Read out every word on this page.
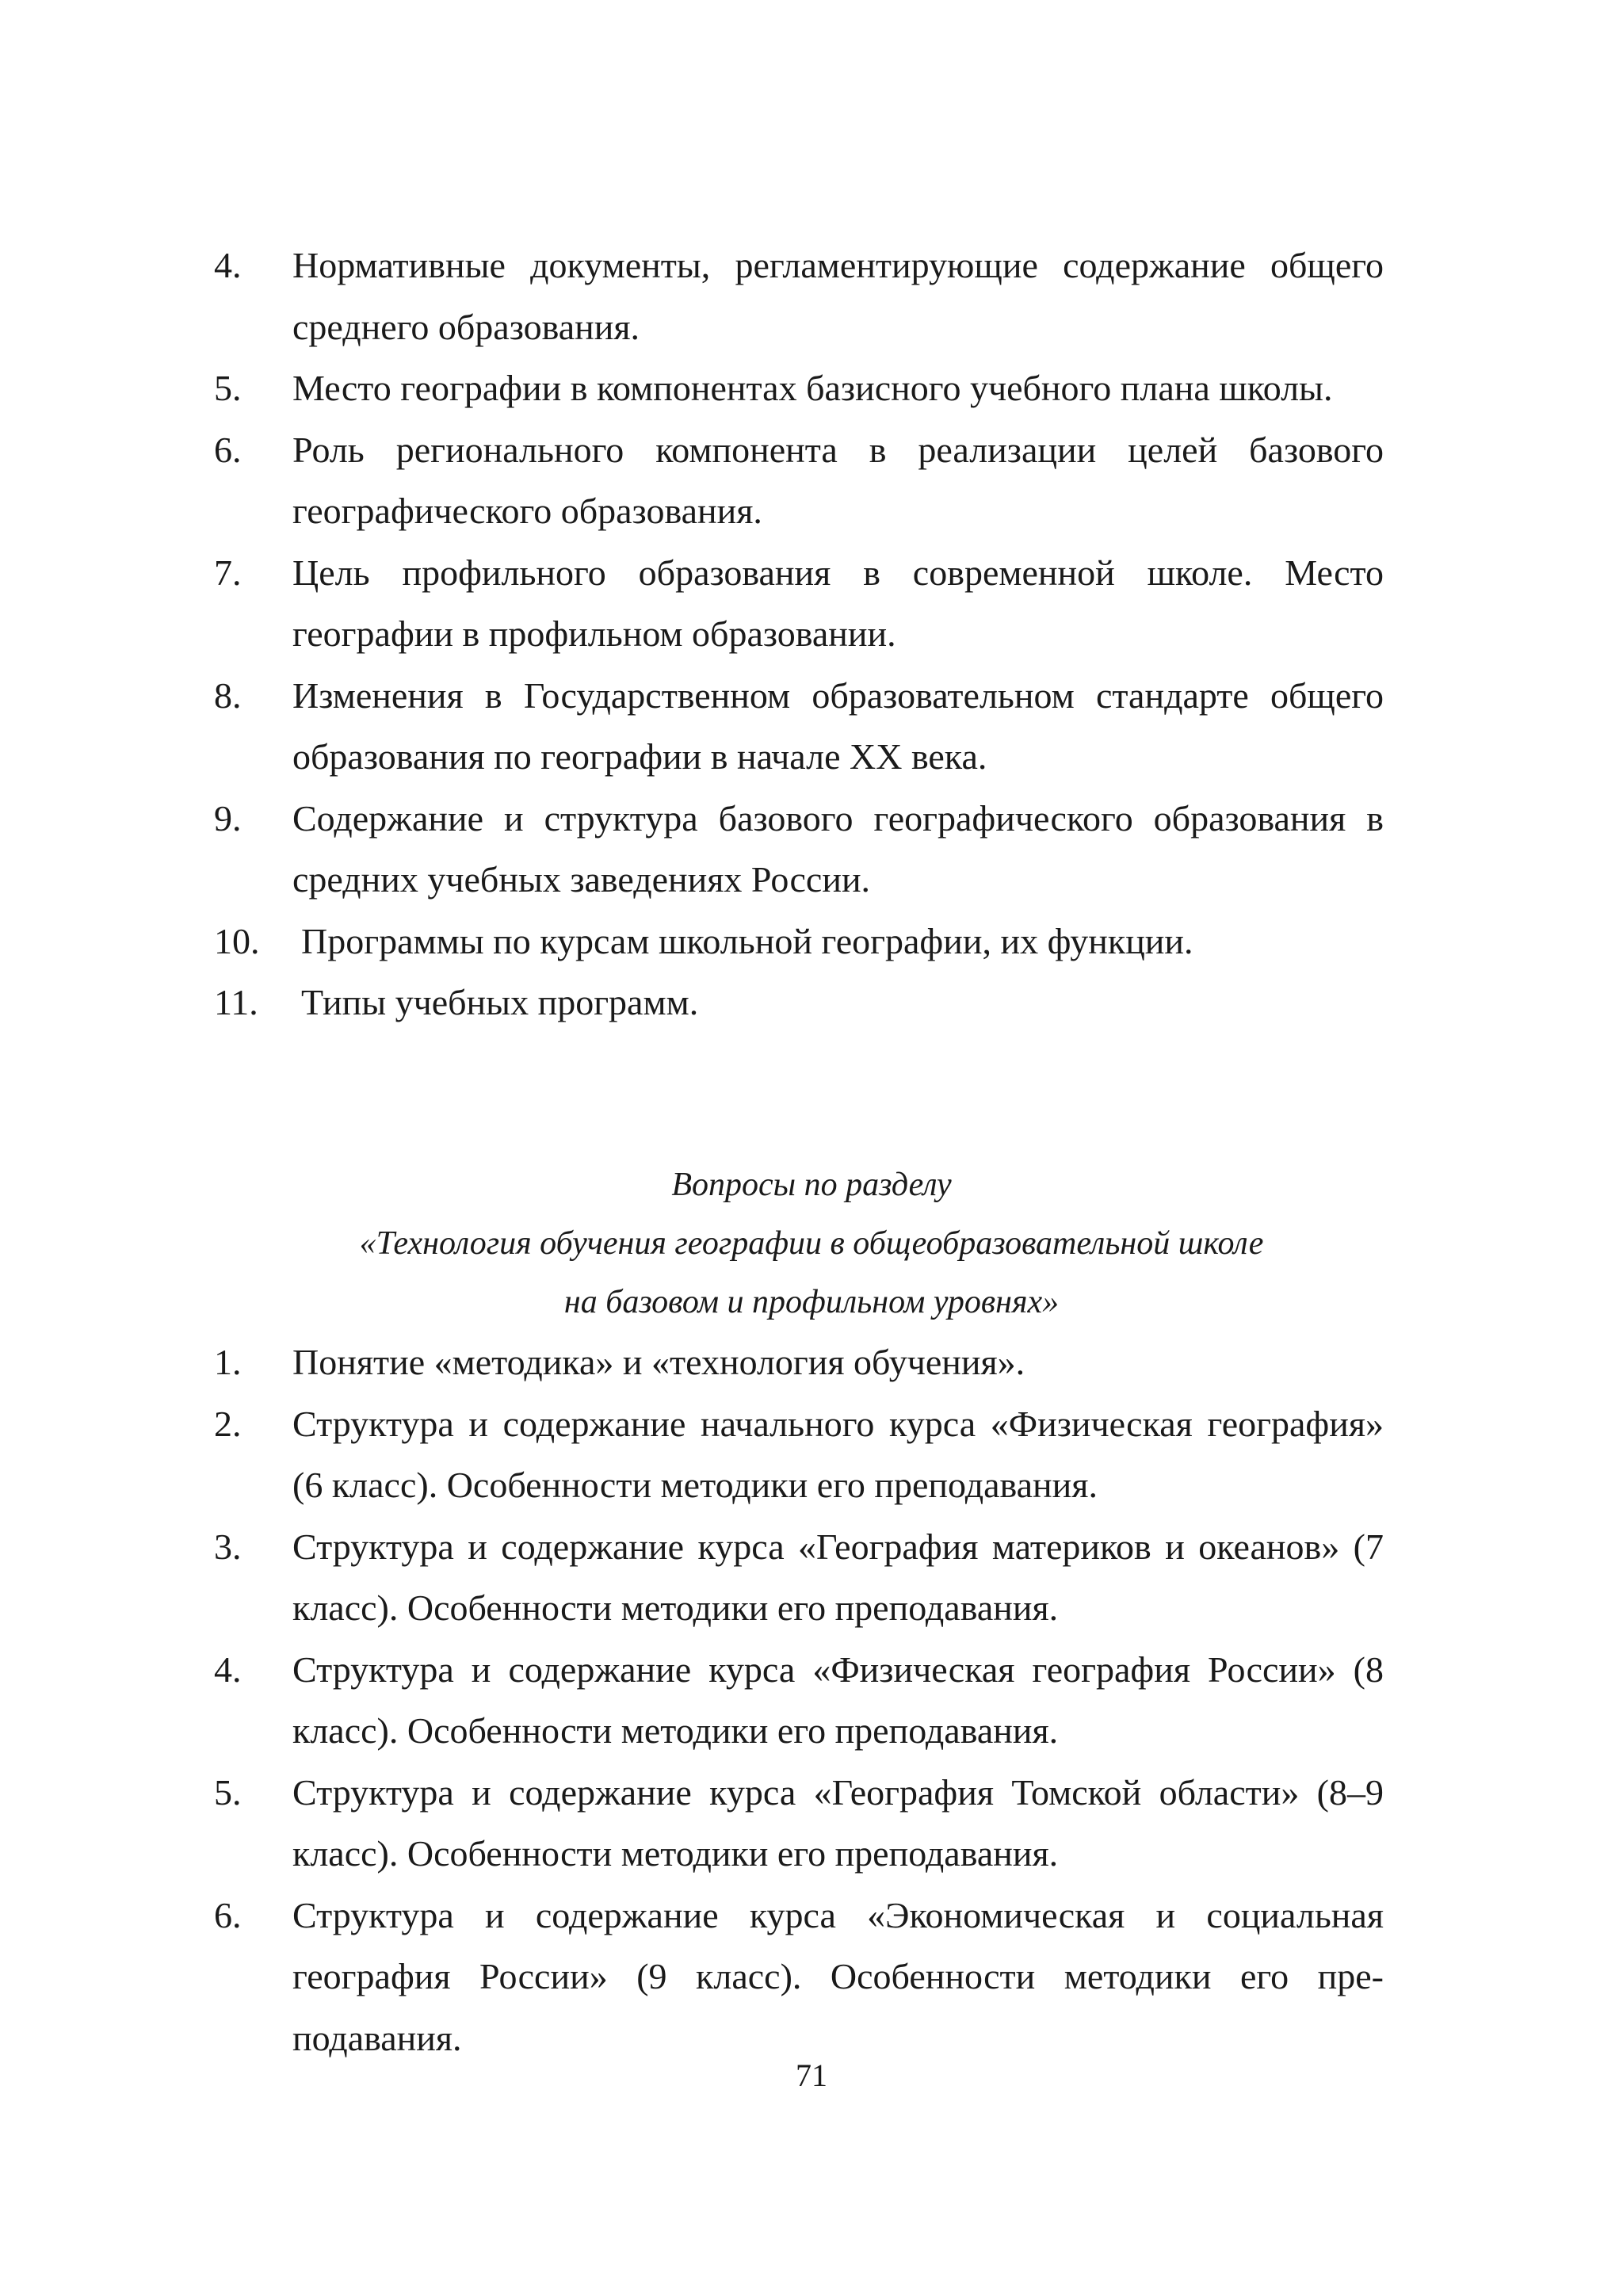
4. Нормативные документы, регламентирующие содержание общего среднего образования.
5. Место географии в компонентах базисного учебного плана школы.
6. Роль регионального компонента в реализации целей базового географического образования.
7. Цель профильного образования в современной школе. Место географии в профильном образовании.
8. Изменения в Государственном образовательном стандарте общего образования по географии в начале XX века.
9. Содержание и структура базового географического образования в средних учебных заведениях России.
10. Программы по курсам школьной географии, их функции.
11. Типы учебных программ.
Вопросы по разделу
«Технология обучения географии в общеобразовательной школе
на базовом и профильном уровнях»
1. Понятие «методика» и «технология обучения».
2. Структура и содержание начального курса «Физическая география» (6 класс). Особенности методики его преподавания.
3. Структура и содержание курса «География материков и океанов» (7 класс). Особенности методики его преподавания.
4. Структура и содержание курса «Физическая география России» (8 класс). Особенности методики его преподавания.
5. Структура и содержание курса «География Томской области» (8–9 класс). Особенности методики его преподавания.
6. Структура и содержание курса «Экономическая и социальная география России» (9 класс). Особенности методики его преподавания.
71
